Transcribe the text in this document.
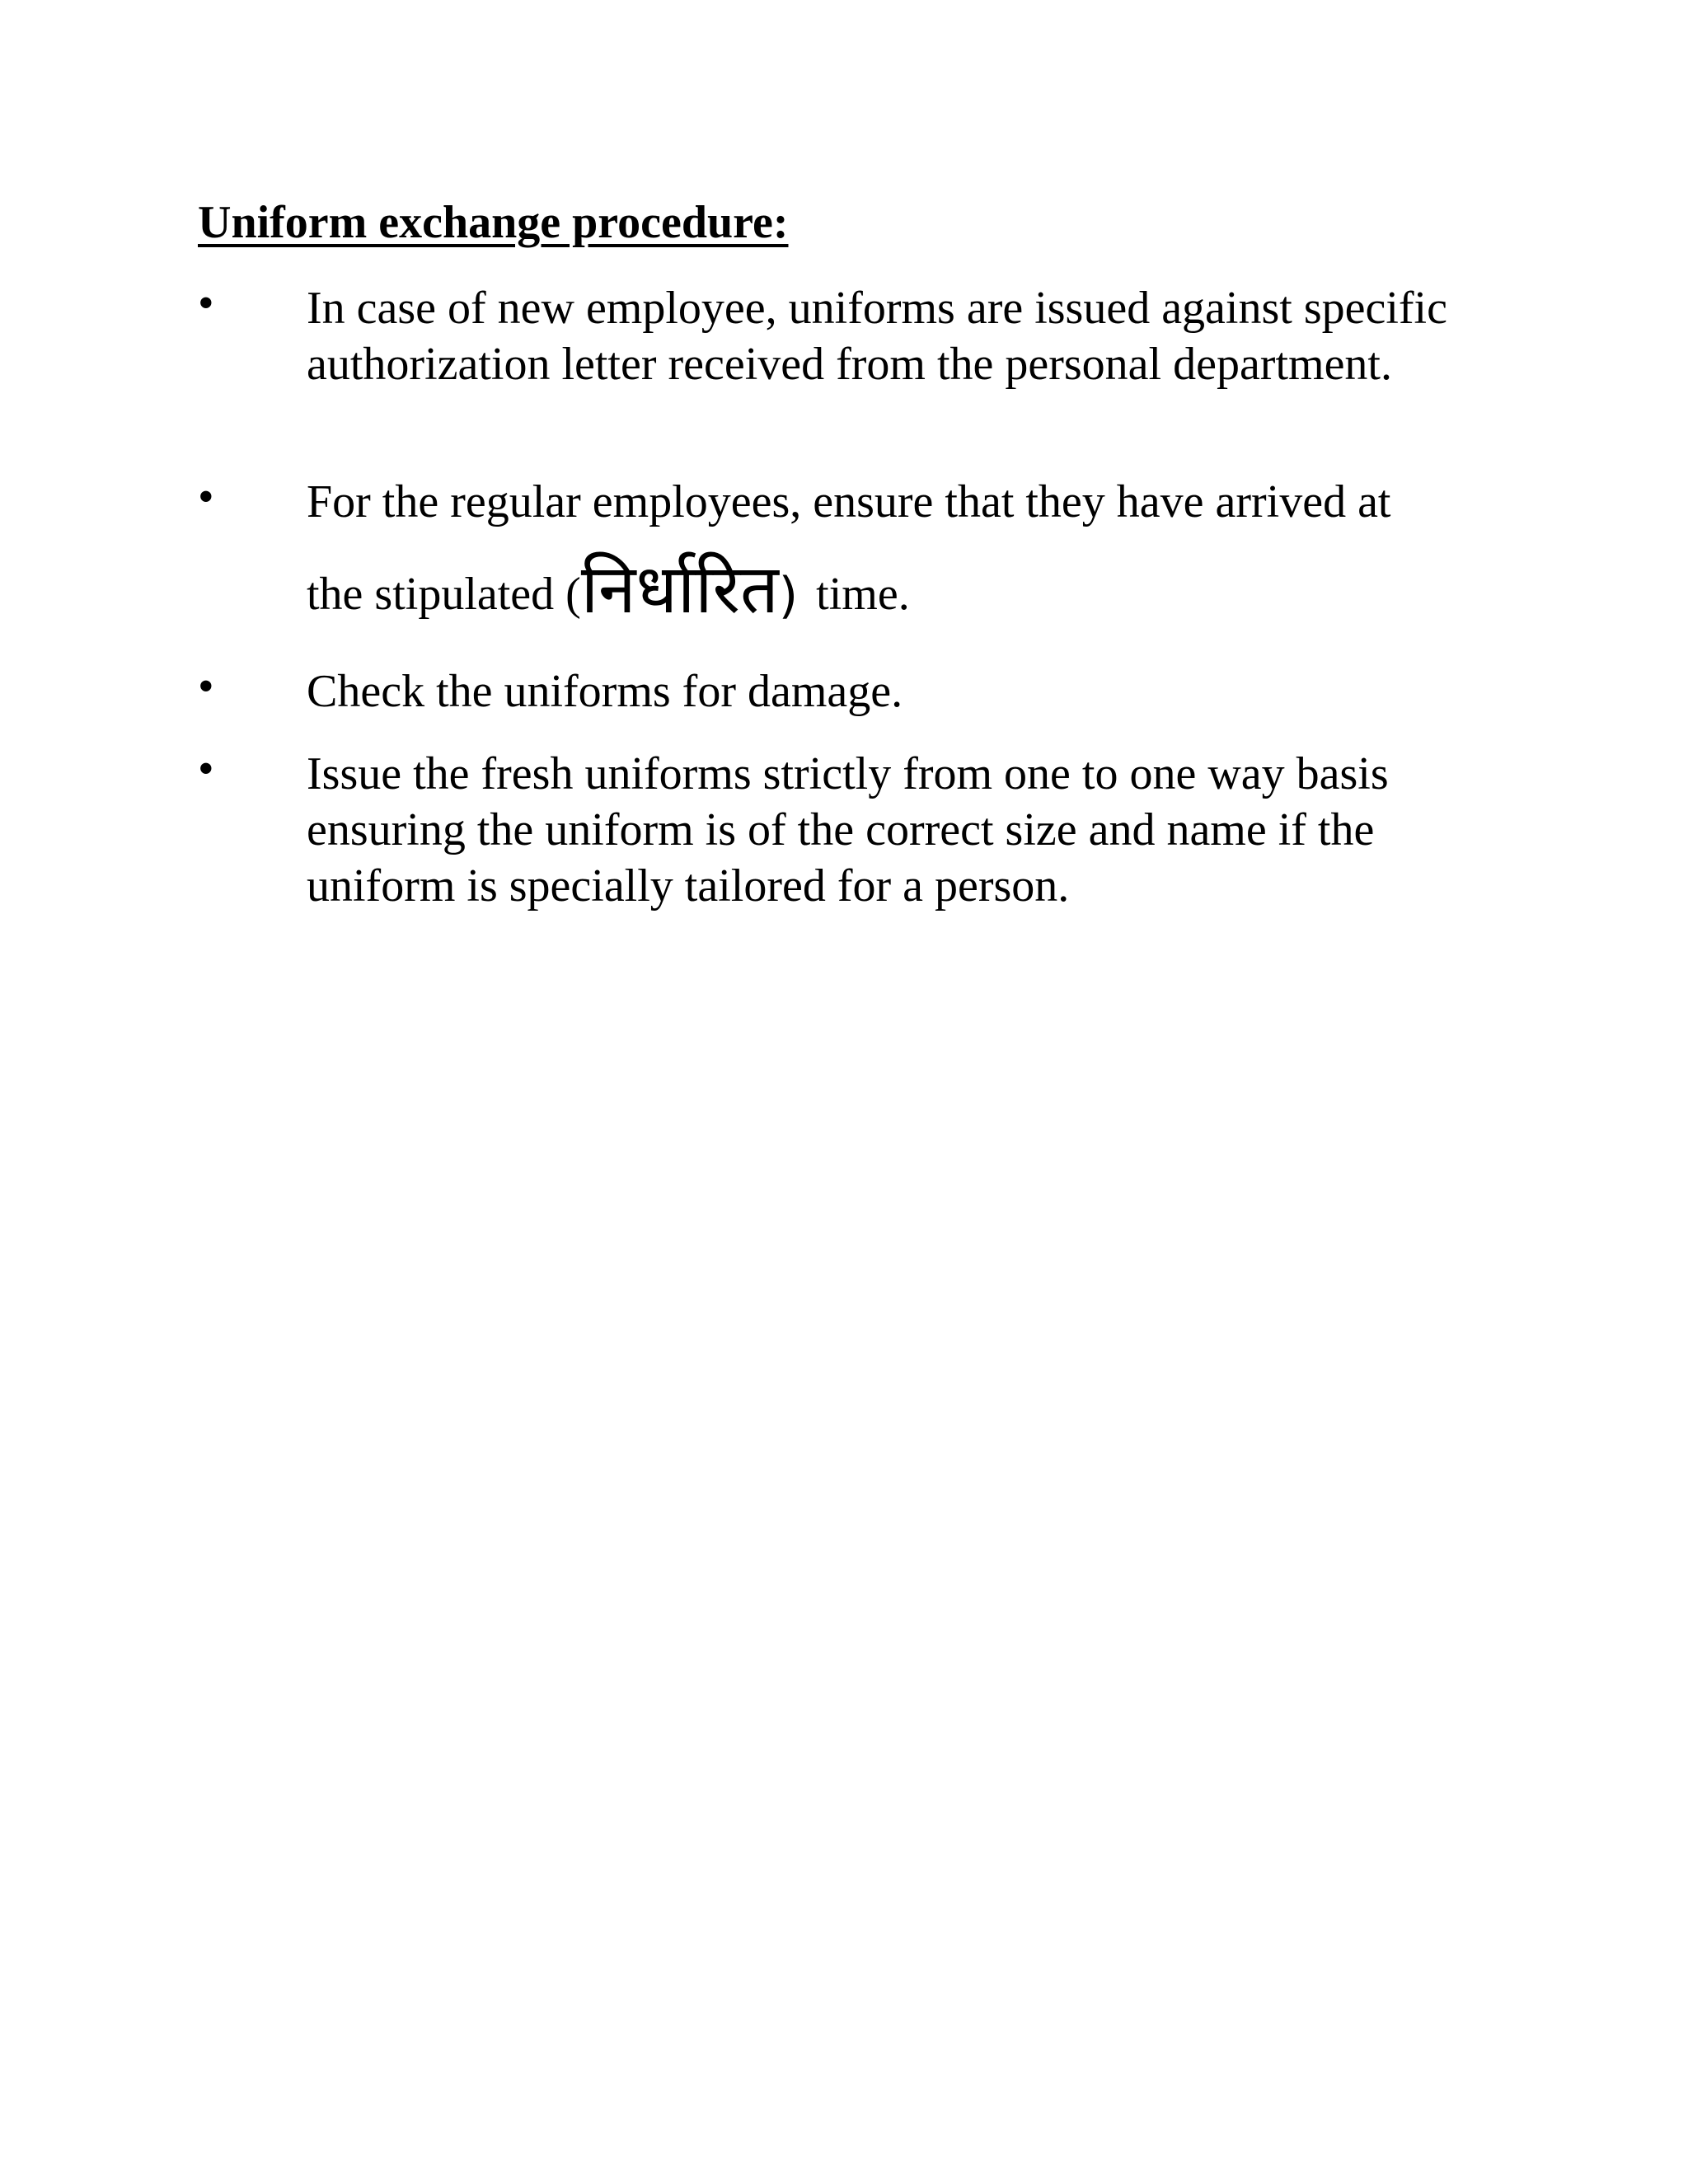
Uniform exchange procedure:
• In case of new employee, uniforms are issued against specific authorization letter received from the personal department.

• For the regular employees, ensure that they have arrived at
the stipulated (निर्धारित) time.

• Check the uniforms for damage.

• Issue the fresh uniforms strictly from one to one way basis ensuring the uniform is of the correct size and name if the uniform is specially tailored for a person.
